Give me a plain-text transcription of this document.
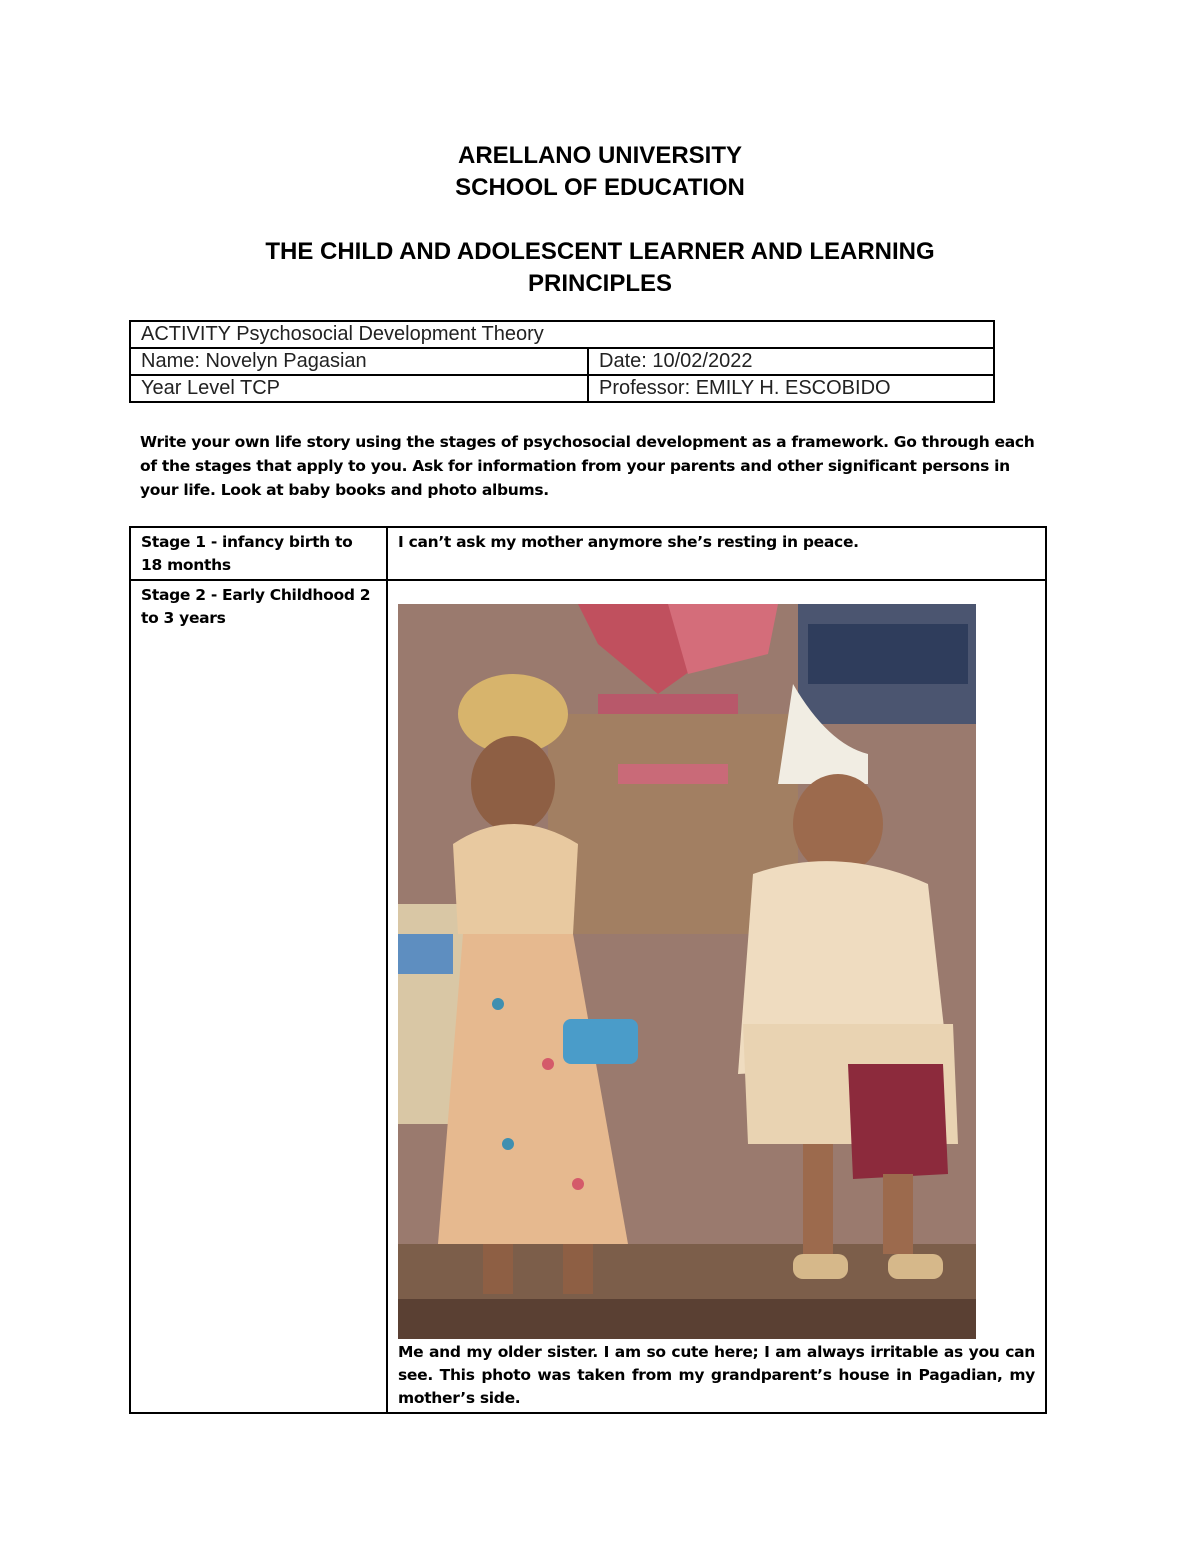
ARELLANO UNIVERSITY
SCHOOL OF EDUCATION
THE CHILD AND ADOLESCENT LEARNER AND LEARNING
PRINCIPLES
ACTIVITY Psychosocial Development Theory	
Name: Novelyn Pagasian	Date: 10/02/2022
Year Level TCP	Professor: EMILY H. ESCOBIDO
Write your own life story using the stages of psychosocial development as a framework. Go through each of the stages that apply to you. Ask for information from your parents and other significant persons in your life. Look at baby books and photo albums.
Stage 1 - infancy birth to 18 months	I can’t ask my mother anymore she’s resting in peace.
Stage 2 - Early Childhood 2 to 3 years	Me and my older sister. I am so cute here; I am always irritable as you can see. This photo was taken from my grandparent’s house in Pagadian, my mother’s side.
